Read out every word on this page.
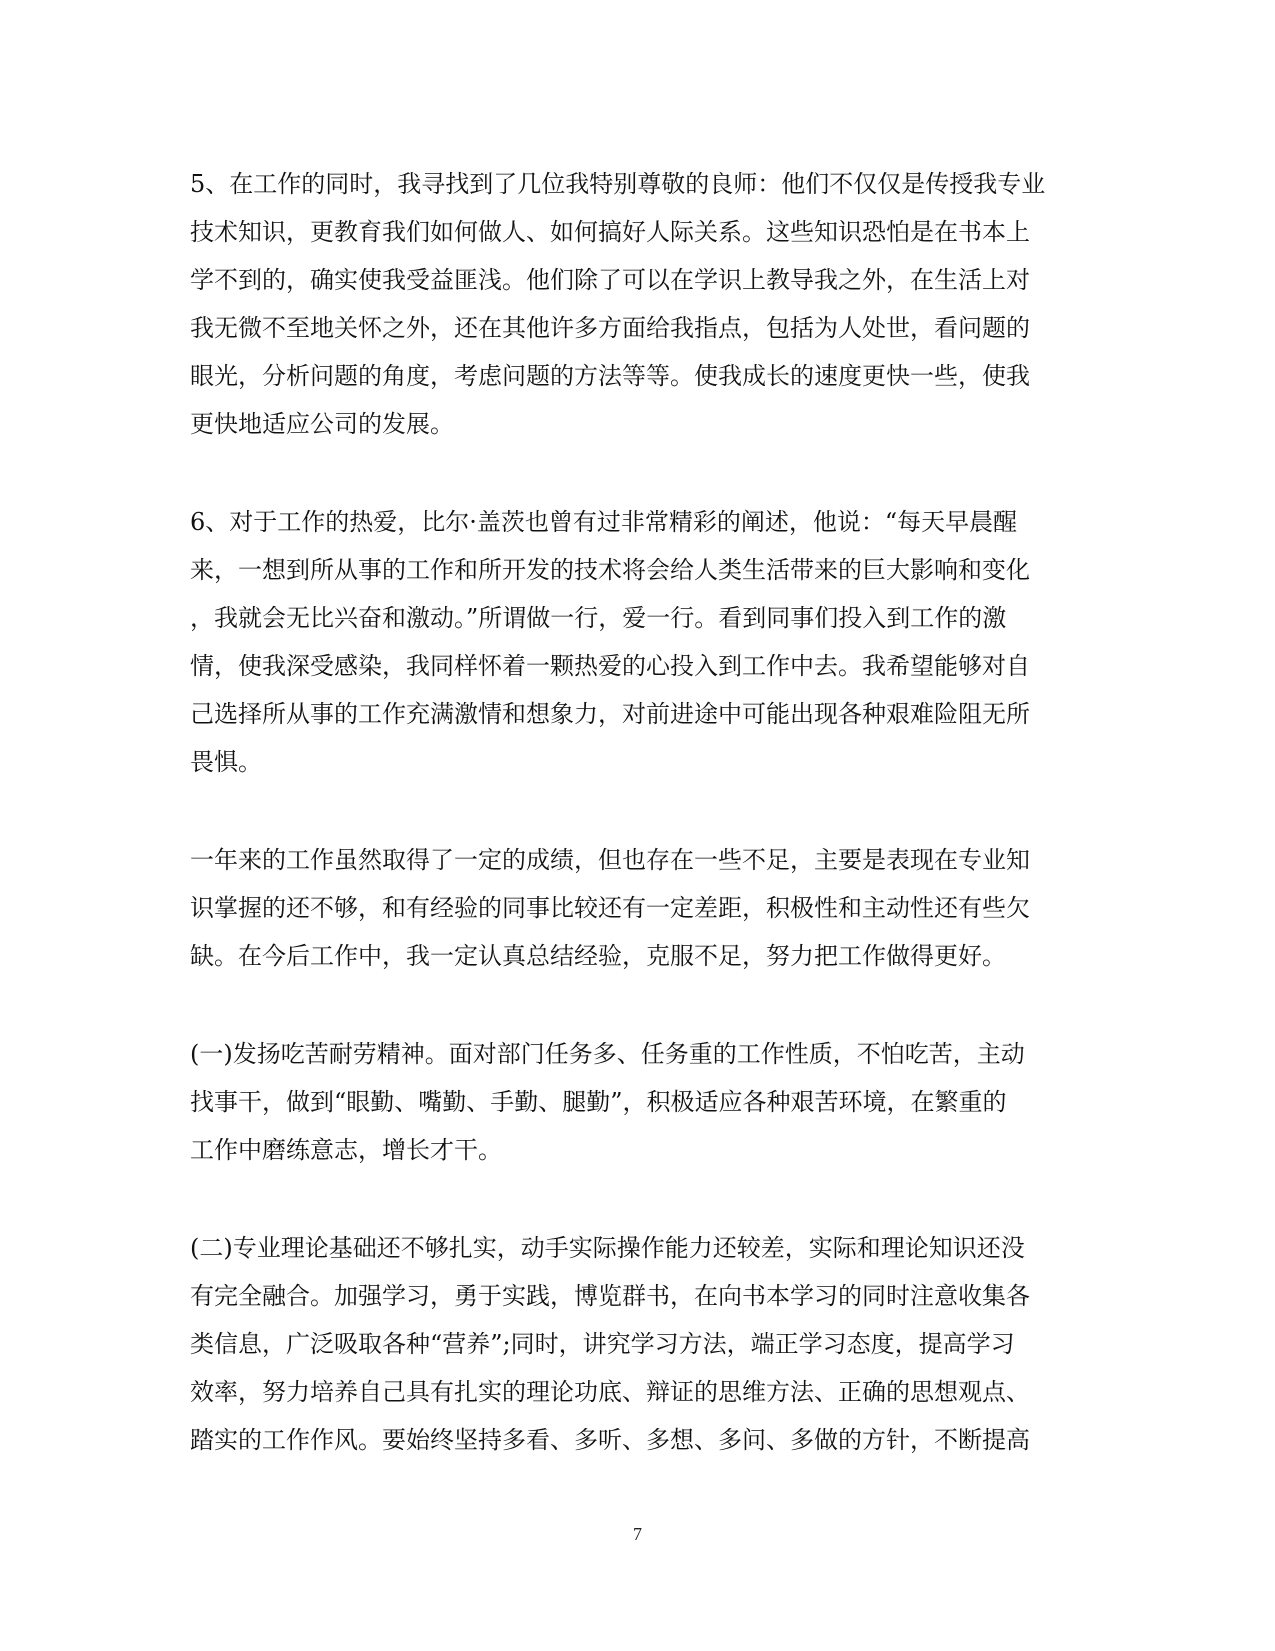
5、在工作的同时，我寻找到了几位我特别尊敬的良师：他们不仅仅是传授我专业
技术知识，更教育我们如何做人、如何搞好人际关系。这些知识恐怕是在书本上
学不到的，确实使我受益匪浅。他们除了可以在学识上教导我之外，在生活上对
我无微不至地关怀之外，还在其他许多方面给我指点，包括为人处世，看问题的
眼光，分析问题的角度，考虑问题的方法等等。使我成长的速度更快一些，使我
更快地适应公司的发展。
6、对于工作的热爱，比尔·盖茨也曾有过非常精彩的阐述，他说：“每天早晨醒
来，一想到所从事的工作和所开发的技术将会给人类生活带来的巨大影响和变化
，我就会无比兴奋和激动。”所谓做一行，爱一行。看到同事们投入到工作的激
情，使我深受感染，我同样怀着一颗热爱的心投入到工作中去。我希望能够对自
己选择所从事的工作充满激情和想象力，对前进途中可能出现各种艰难险阻无所
畏惧。
一年来的工作虽然取得了一定的成绩，但也存在一些不足，主要是表现在专业知
识掌握的还不够，和有经验的同事比较还有一定差距，积极性和主动性还有些欠
缺。在今后工作中，我一定认真总结经验，克服不足，努力把工作做得更好。
(一)发扬吃苦耐劳精神。面对部门任务多、任务重的工作性质，不怕吃苦，主动
找事干，做到“眼勤、嘴勤、手勤、腿勤”，积极适应各种艰苦环境，在繁重的
工作中磨练意志，增长才干。
(二)专业理论基础还不够扎实，动手实际操作能力还较差，实际和理论知识还没
有完全融合。加强学习，勇于实践，博览群书，在向书本学习的同时注意收集各
类信息，广泛吸取各种“营养”;同时，讲究学习方法，端正学习态度，提高学习
效率，努力培养自己具有扎实的理论功底、辩证的思维方法、正确的思想观点、
踏实的工作作风。要始终坚持多看、多听、多想、多问、多做的方针，不断提高
7
